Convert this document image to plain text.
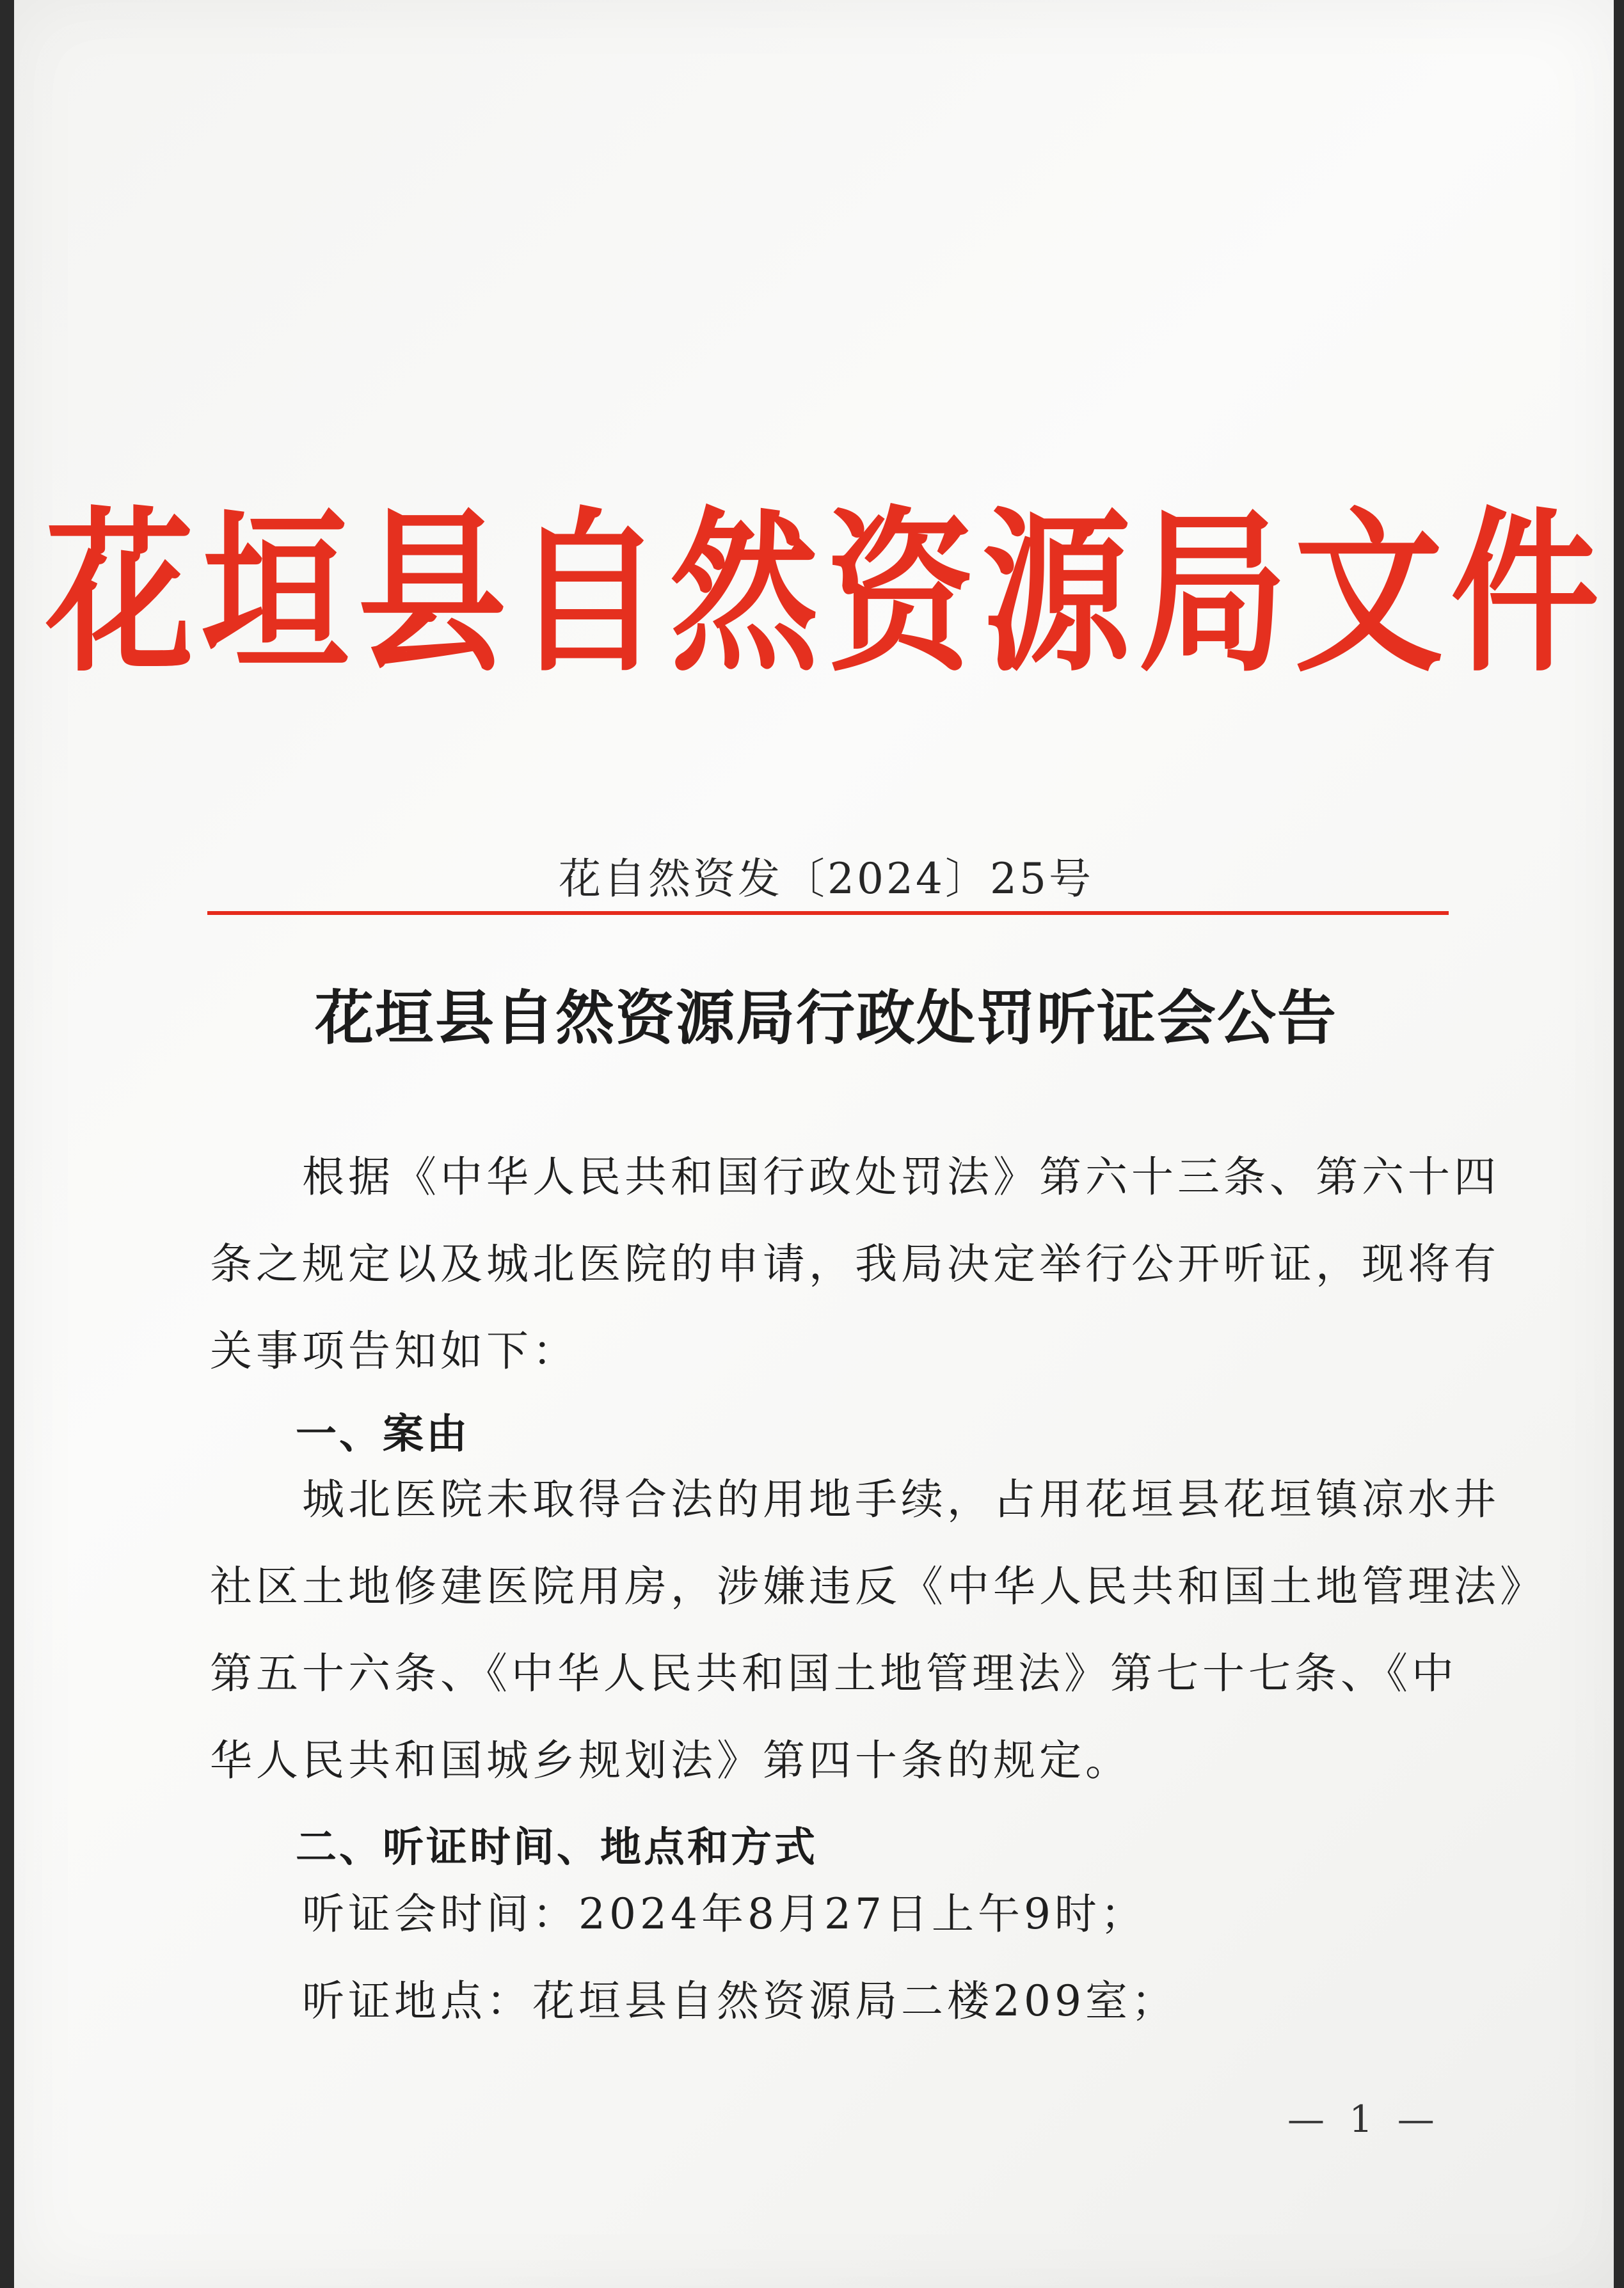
花垣县自然资源局文件
花自然资发〔2024〕25号
花垣县自然资源局行政处罚听证会公告
　　根据《中华人民共和国行政处罚法》第六十三条、第六十四
条之规定以及城北医院的申请，我局决定举行公开听证，现将有
关事项告知如下：
一、案由
　　城北医院未取得合法的用地手续，占用花垣县花垣镇凉水井
社区土地修建医院用房，涉嫌违反《中华人民共和国土地管理法》
第五十六条、《中华人民共和国土地管理法》第七十七条、《中
华人民共和国城乡规划法》第四十条的规定。
二、听证时间、地点和方式
　　听证会时间：2024年8月27日上午9时；
　　听证地点：花垣县自然资源局二楼209室；
— 1 —
